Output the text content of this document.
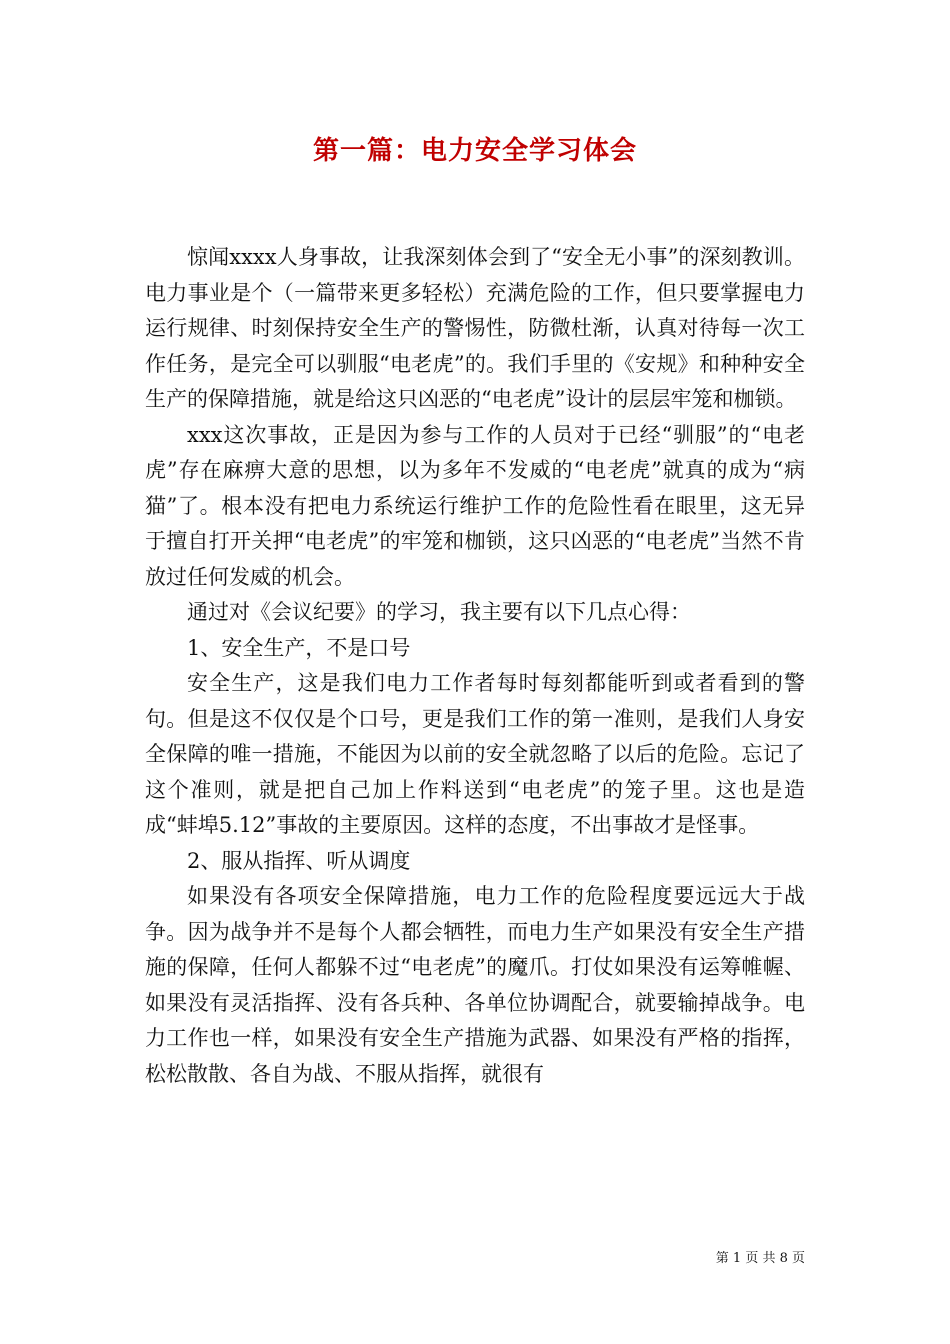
第一篇：电力安全学习体会

惊闻xxxx人身事故，让我深刻体会到了“安全无小事”的深刻教训。电力事业是个（一篇带来更多轻松）充满危险的工作，但只要掌握电力运行规律、时刻保持安全生产的警惕性，防微杜渐，认真对待每一次工作任务，是完全可以驯服“电老虎”的。我们手里的《安规》和种种安全生产的保障措施，就是给这只凶恶的“电老虎”设计的层层牢笼和枷锁。

xxx这次事故，正是因为参与工作的人员对于已经“驯服”的“电老虎”存在麻痹大意的思想，以为多年不发威的“电老虎”就真的成为“病猫”了。根本没有把电力系统运行维护工作的危险性看在眼里，这无异于擅自打开关押“电老虎”的牢笼和枷锁，这只凶恶的“电老虎”当然不肯放过任何发威的机会。

通过对《会议纪要》的学习，我主要有以下几点心得：

1、安全生产，不是口号

安全生产，这是我们电力工作者每时每刻都能听到或者看到的警句。但是这不仅仅是个口号，更是我们工作的第一准则，是我们人身安全保障的唯一措施，不能因为以前的安全就忽略了以后的危险。忘记了这个准则，就是把自己加上作料送到“电老虎”的笼子里。这也是造成“蚌埠5.12”事故的主要原因。这样的态度，不出事故才是怪事。

2、服从指挥、听从调度

如果没有各项安全保障措施，电力工作的危险程度要远远大于战争。因为战争并不是每个人都会牺牲，而电力生产如果没有安全生产措施的保障，任何人都躲不过“电老虎”的魔爪。打仗如果没有运筹帷幄、如果没有灵活指挥、没有各兵种、各单位协调配合，就要输掉战争。电力工作也一样，如果没有安全生产措施为武器、如果没有严格的指挥，松松散散、各自为战、不服从指挥，就很有

第 1 页 共 8 页
